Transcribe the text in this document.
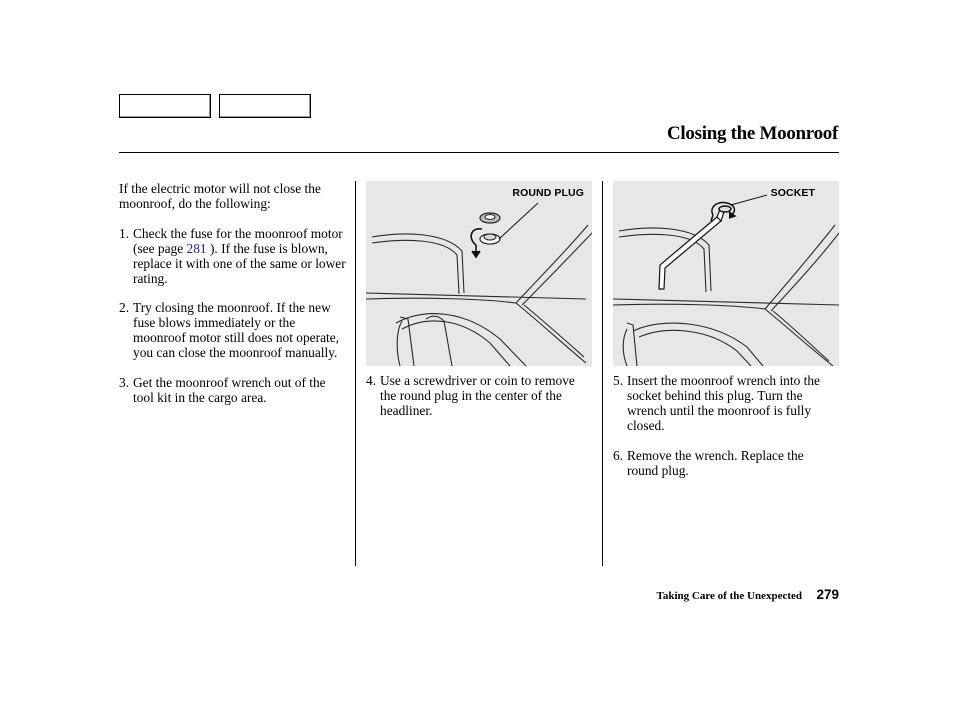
Closing the Moonroof

If the electric motor will not close the moonroof, do the following:

1. Check the fuse for the moonroof motor (see page 281 ). If the fuse is blown, replace it with one of the same or lower rating.
2. Try closing the moonroof. If the new fuse blows immediately or the moonroof motor still does not operate, you can close the moonroof manually.
3. Get the moonroof wrench out of the tool kit in the cargo area.
ROUND PLUG
4. Use a screwdriver or coin to remove the round plug in the center of the headliner.
SOCKET
5. Insert the moonroof wrench into the socket behind this plug. Turn the wrench until the moonroof is fully closed.
6. Remove the wrench. Replace the round plug.
Taking Care of the Unexpected 279
